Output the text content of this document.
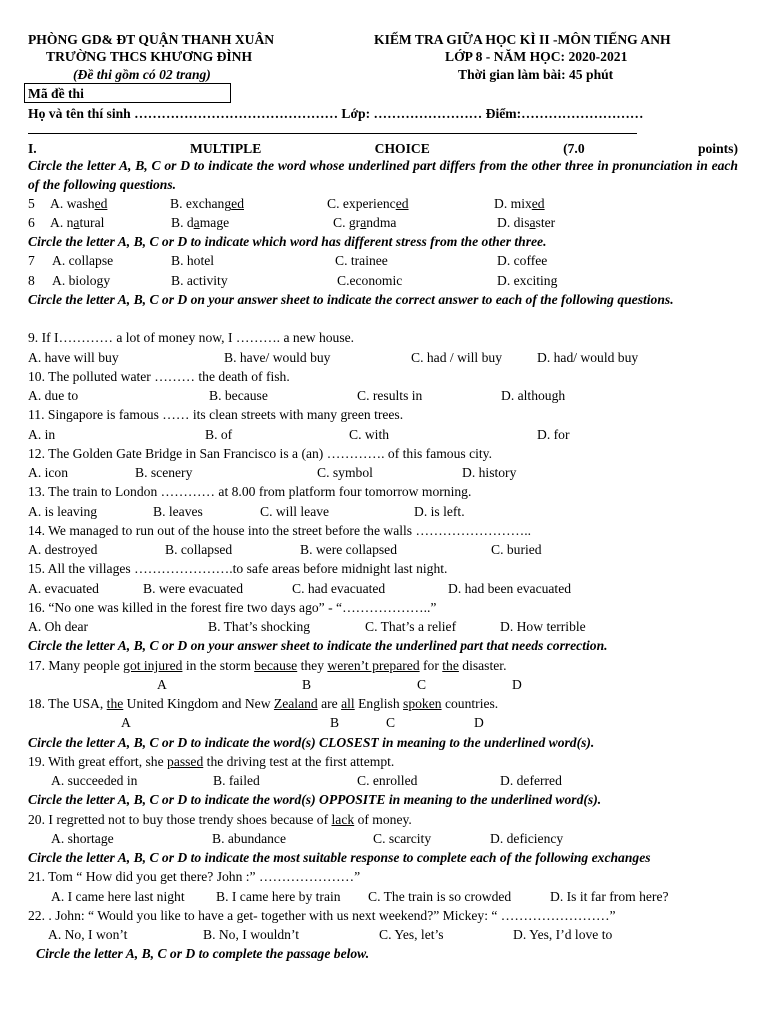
PHÒNG GD& ĐT QUẬN THANH XUÂN
TRƯỜNG THCS KHƯƠNG ĐÌNH
(Đề thi gồm có 02 trang)
KIẾM TRA GIỮA HỌC KÌ II -MÔN TIẾNG ANH
LỚP 8 - NĂM HỌC: 2020-2021
Thời gian làm bài: 45 phút
Mã đề thi
Họ và tên thí sinh ……………………………………… Lớp: …………………… Điểm:………………………
I.	MULTIPLE	CHOICE	(7.0	points)
Circle the letter A, B, C or D to indicate the word whose underlined part differs from the other three in pronunciation in each of the following questions.
5 A. washed	B. exchanged	C. experienced	D. mixed
6 A. natural	B. damage	C. grandma	D. disaster
Circle the letter A, B, C or D to indicate which word has different stress from the other three.
7 A. collapse	B. hotel	C. trainee	D. coffee
8 A. biology	B. activity	C.economic	D. exciting
Circle the letter A, B, C or D on your answer sheet to indicate the correct answer to each of the following questions.
9. If I………… a lot of money now, I ………. a new house.
A. have will buy	B. have/ would buy	C. had / will buy	D. had/ would buy
10. The polluted water ……… the death of fish.
A. due to	B. because	C. results in	D. although
11. Singapore is famous …… its clean streets with many green trees.
A. in	B. of	C. with	D. for
12. The Golden Gate Bridge in San Francisco is a (an) …………. of this famous city.
A. icon	B. scenery	C. symbol	D. history
13. The train to London ………… at 8.00 from platform four tomorrow morning.
A. is leaving	B. leaves	C. will leave	D. is left.
14. We managed to run out of the house into the street before the walls ……………………..
A. destroyed	B. collapsed	B. were collapsed	C. buried
15. All the villages ………………….to safe areas before midnight last night.
A. evacuated	B. were evacuated	C. had evacuated	D. had been evacuated
16. “No one was killed in the forest fire two days ago” - “………………..”
A. Oh dear	B. That’s shocking	C. That’s a relief	D. How terrible
Circle the letter A, B, C or D on your answer sheet to indicate the underlined part that needs correction.
17. Many people got injured in the storm because they weren’t prepared for the disaster.
A	B	C	D
18. The USA, the United Kingdom and New Zealand are all English spoken countries.
A	B	C	D
Circle the letter A, B, C or D to indicate the word(s) CLOSEST in meaning to the underlined word(s).
19. With great effort, she passed the driving test at the first attempt.
A. succeeded in	B. failed	C. enrolled	D. deferred
Circle the letter A, B, C or D to indicate the word(s) OPPOSITE in meaning to the underlined word(s).
20. I regretted not to buy those trendy shoes because of lack of money.
A. shortage	B. abundance	C. scarcity	D. deficiency
Circle the letter A, B, C or D to indicate the most suitable response to complete each of the following exchanges
21. Tom “ How did you get there? John :” …………………”
A. I came here last night B. I came here by train C. The train is so crowded	D. Is it far from here?
22. . John: “ Would you like to have a get- together with us next weekend?” Mickey: “ ……………………”
A. No, I won’t	B. No, I wouldn’t	C. Yes, let’s	D. Yes, I’d love to
Circle the letter A, B, C or D to complete the passage below.
